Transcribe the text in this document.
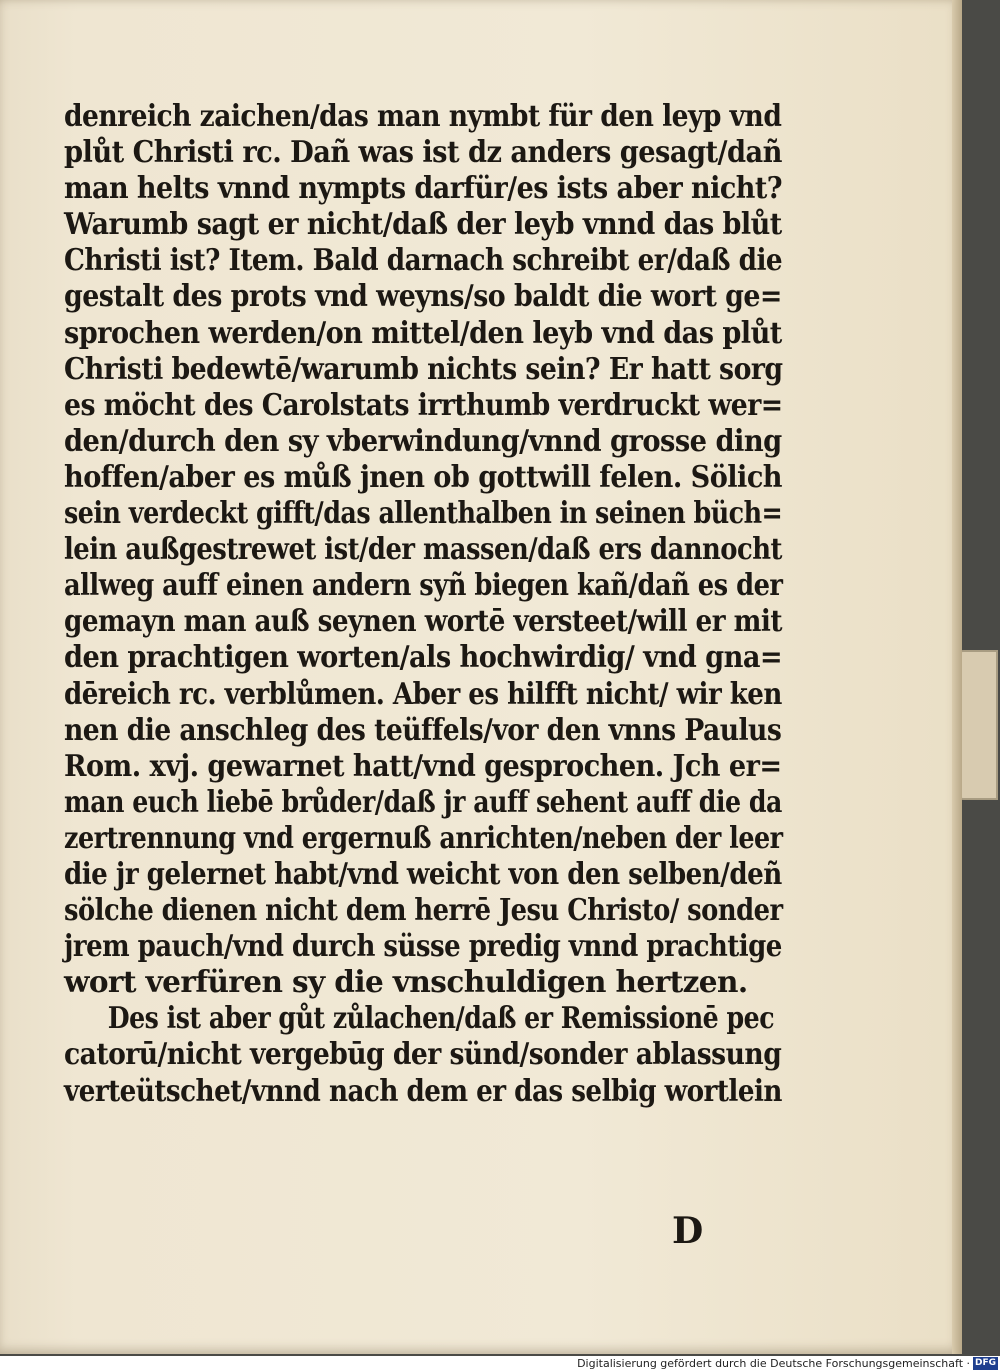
denreich zaichen/das man nymbt für den leyp vnd
plůt Christi rc. Dañ was ist dz anders gesagt/dañ
man helts vnnd nympts darfür/es ists aber nicht?
Warumb sagt er nicht/daß der leyb vnnd das blůt
Christi ist? Item. Bald darnach schreibt er/daß die
gestalt des prots vnd weyns/so baldt die wort ge=
sprochen werden/on mittel/den leyb vnd das plůt
Christi bedewtē/warumb nichts sein? Er hatt sorg
es möcht des Carolstats irrthumb verdruckt wer=
den/durch den sy vberwindung/vnnd grosse ding
hoffen/aber es můß jnen ob gottwill felen. Sölich
sein verdeckt gifft/das allenthalben in seinen büch=
lein außgestrewet ist/der massen/daß ers dannocht
allweg auff einen andern syñ biegen kañ/dañ es der
gemayn man auß seynen wortē versteet/will er mit
den prachtigen worten/als hochwirdig/ vnd gna=
dēreich rc. verblůmen. Aber es hilfft nicht/ wir ken
nen die anschleg des teüffels/vor den vnns Paulus
Rom. xvj. gewarnet hatt/vnd gesprochen. Jch er=
man euch liebē brůder/daß jr auff sehent auff die da
zertrennung vnd ergernuß anrichten/neben der leer
die jr gelernet habt/vnd weicht von den selben/deñ
sölche dienen nicht dem herrē Jesu Christo/ sonder
jrem pauch/vnd durch süsse predig vnnd prachtige
wort verfüren sy die vnschuldigen hertzen.
Des ist aber gůt zůlachen/daß er Remissionē pec
catorū/nicht vergebūg der sünd/sonder ablassung
verteütschet/vnnd nach dem er das selbig wortlein
D
Digitalisierung gefördert durch die Deutsche Forschungsgemeinschaft · DFG
